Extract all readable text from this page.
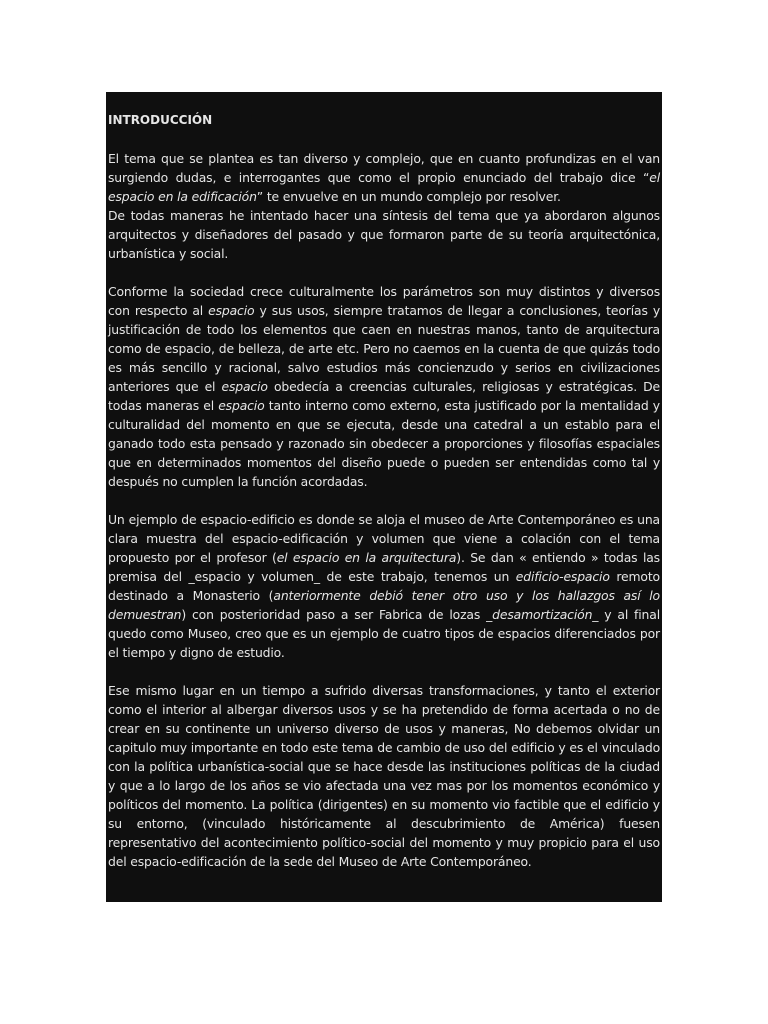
INTRODUCCIÓN

El tema que se plantea es tan diverso y complejo, que en cuanto profundizas en el van surgiendo dudas, e interrogantes que como el propio enunciado del trabajo dice “el espacio en la edificación” te envuelve en un mundo complejo por resolver.

De todas maneras he intentado hacer una síntesis del tema que ya abordaron algunos arquitectos y diseñadores del pasado y que formaron parte de su teoría arquitectónica, urbanística y social.

Conforme la sociedad crece culturalmente los parámetros son muy distintos y diversos con respecto al espacio y sus usos, siempre tratamos de llegar a conclusiones, teorías y justificación de todo los elementos que caen en nuestras manos, tanto de arquitectura como de espacio, de belleza, de arte etc. Pero no caemos en la cuenta de que quizás todo es más sencillo y racional, salvo estudios más concienzudo y serios en civilizaciones anteriores que el espacio obedecía a creencias culturales, religiosas y estratégicas. De todas maneras el espacio tanto interno como externo, esta justificado por la mentalidad y culturalidad del momento en que se ejecuta, desde una catedral a un establo para el ganado todo esta pensado y razonado sin obedecer a proporciones y filosofías espaciales que en determinados momentos del diseño puede o pueden ser entendidas como tal y después no cumplen la función acordadas.

Un ejemplo de espacio-edificio es donde se aloja el museo de Arte Contemporáneo es una clara muestra del espacio-edificación y volumen que viene a colación con el tema propuesto por el profesor (el espacio en la arquitectura). Se dan « entiendo » todas las premisa del _espacio y volumen_ de este trabajo, tenemos un edificio-espacio remoto destinado a Monasterio (anteriormente debió tener otro uso y los hallazgos así lo demuestran) con posterioridad paso a ser Fabrica de lozas _desamortización_ y al final quedo como Museo, creo que es un ejemplo de cuatro tipos de espacios diferenciados por el tiempo y digno de estudio.

Ese mismo lugar en un tiempo a sufrido diversas transformaciones, y tanto el exterior como el interior al albergar diversos usos y se ha pretendido de forma acertada o no de crear en su continente un universo diverso de usos y maneras, No debemos olvidar un capitulo muy importante en todo este tema de cambio de uso del edificio y es el vinculado con la política urbanística-social que se hace desde las instituciones políticas de la ciudad y que a lo largo de los años se vio afectada una vez mas por los momentos económico y políticos del momento. La política (dirigentes) en su momento vio factible que el edificio y su entorno, (vinculado históricamente al descubrimiento de América) fuesen representativo del acontecimiento político-social del momento y muy propicio para el uso del espacio-edificación de la sede del Museo de Arte Contemporáneo.
